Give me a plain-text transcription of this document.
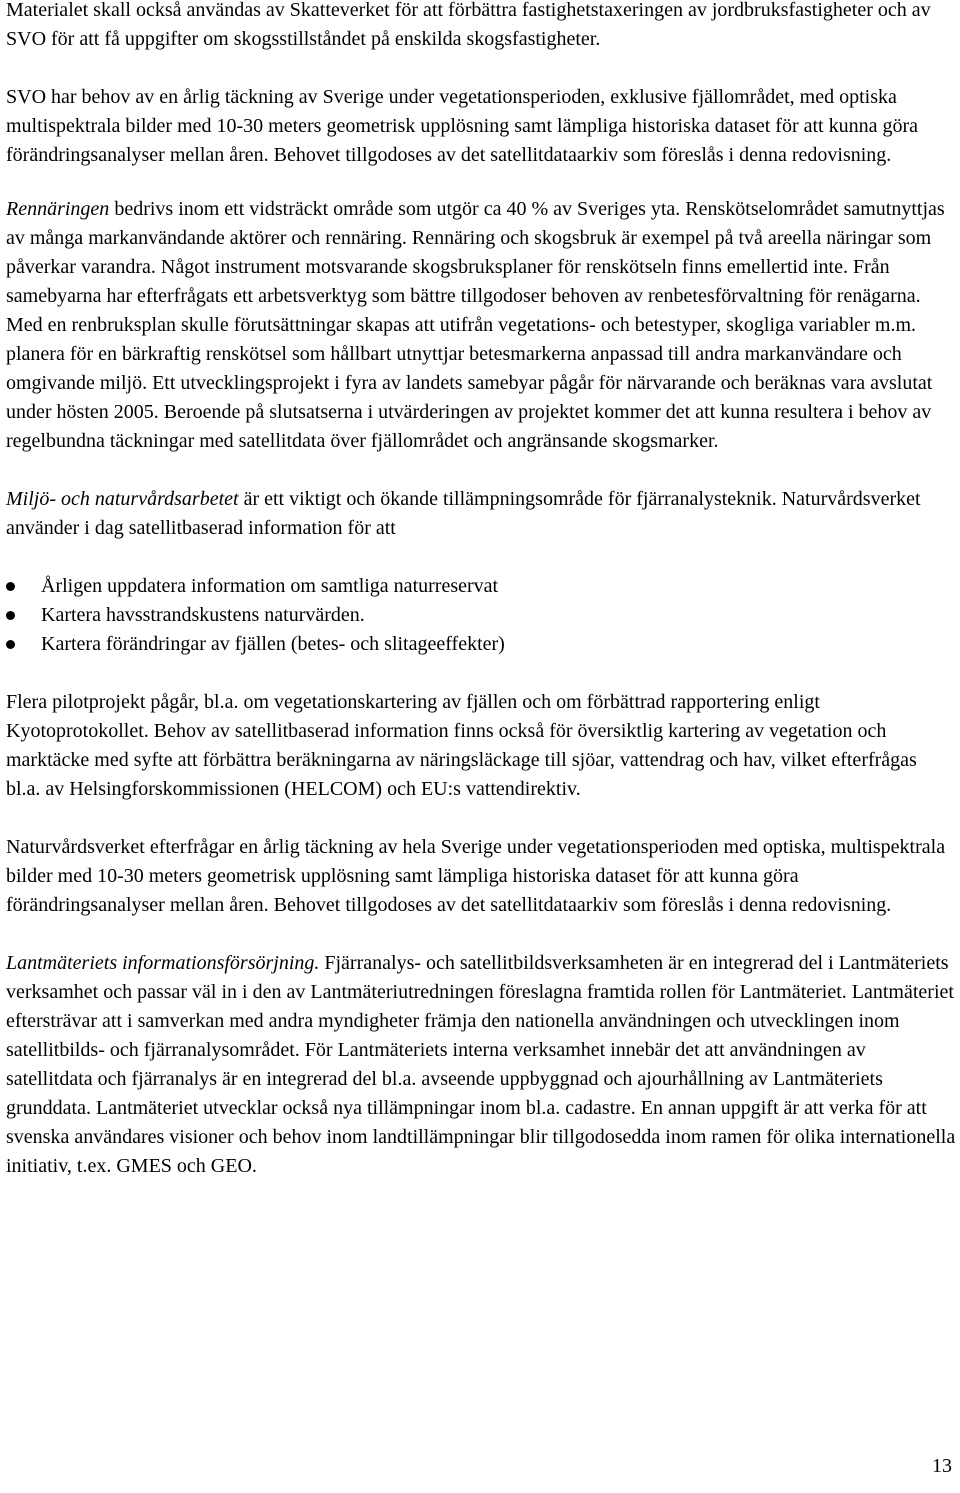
Materialet skall också användas av Skatteverket för att förbättra fastighetstaxeringen av jordbruksfastigheter och av SVO för att få uppgifter om skogsstillståndet på enskilda skogsfastigheter.

SVO har behov av en årlig täckning av Sverige under vegetationsperioden, exklusive fjällområdet, med optiska multispektrala bilder med 10-30 meters geometrisk upplösning samt lämpliga historiska dataset för att kunna göra förändringsanalyser mellan åren. Behovet tillgodoses av det satellitdataarkiv som föreslås i denna redovisning.

Rennäringen bedrivs inom ett vidsträckt område som utgör ca 40 % av Sveriges yta. Renskötselområdet samutnyttjas av många markanvändande aktörer och rennäring. Rennäring och skogsbruk är exempel på två areella näringar som påverkar varandra. Något instrument motsvarande skogsbruksplaner för renskötseln finns emellertid inte. Från samebyarna har efterfrågats ett arbetsverktyg som bättre tillgodoser behoven av renbetesförvaltning för renägarna. Med en renbruksplan skulle förutsättningar skapas att utifrån vegetations- och betestyper, skogliga variabler m.m. planera för en bärkraftig renskötsel som hållbart utnyttjar betesmarkerna anpassad till andra markanvändare och omgivande miljö. Ett utvecklingsprojekt i fyra av landets samebyar pågår för närvarande och beräknas vara avslutat under hösten 2005. Beroende på slutsatserna i utvärderingen av projektet kommer det att kunna resultera i behov av regelbundna täckningar med satellitdata över fjällområdet och angränsande skogsmarker.

Miljö- och naturvårdsarbetet är ett viktigt och ökande tillämpningsområde för fjärranalysteknik. Naturvårdsverket använder i dag satellitbaserad information för att

Årligen uppdatera information om samtliga naturreservat
Kartera havsstrandskustens naturvärden.
Kartera förändringar av fjällen (betes- och slitageeffekter)

Flera pilotprojekt pågår, bl.a. om vegetationskartering av fjällen och om förbättrad rapportering enligt Kyotoprotokollet. Behov av satellitbaserad information finns också för översiktlig kartering av vegetation och marktäcke med syfte att förbättra beräkningarna av näringsläckage till sjöar, vattendrag och hav, vilket efterfrågas bl.a. av Helsingforskommissionen (HELCOM) och EU:s vattendirektiv.

Naturvårdsverket efterfrågar en årlig täckning av hela Sverige under vegetationsperioden med optiska, multispektrala bilder med 10-30 meters geometrisk upplösning samt lämpliga historiska dataset för att kunna göra förändringsanalyser mellan åren. Behovet tillgodoses av det satellitdataarkiv som föreslås i denna redovisning.

Lantmäteriets informationsförsörjning. Fjärranalys- och satellitbildsverksamheten är en integrerad del i Lantmäteriets verksamhet och passar väl in i den av Lantmäteriutredningen föreslagna framtida rollen för Lantmäteriet. Lantmäteriet eftersträvar att i samverkan med andra myndigheter främja den nationella användningen och utvecklingen inom satellitbilds- och fjärranalysområdet. För Lantmäteriets interna verksamhet innebär det att användningen av satellitdata och fjärranalys är en integrerad del bl.a. avseende uppbyggnad och ajourhållning av Lantmäteriets grunddata. Lantmäteriet utvecklar också nya tillämpningar inom bl.a. cadastre. En annan uppgift är att verka för att svenska användares visioner och behov inom landtillämpningar blir tillgodosedda inom ramen för olika internationella initiativ, t.ex. GMES och GEO.

13
